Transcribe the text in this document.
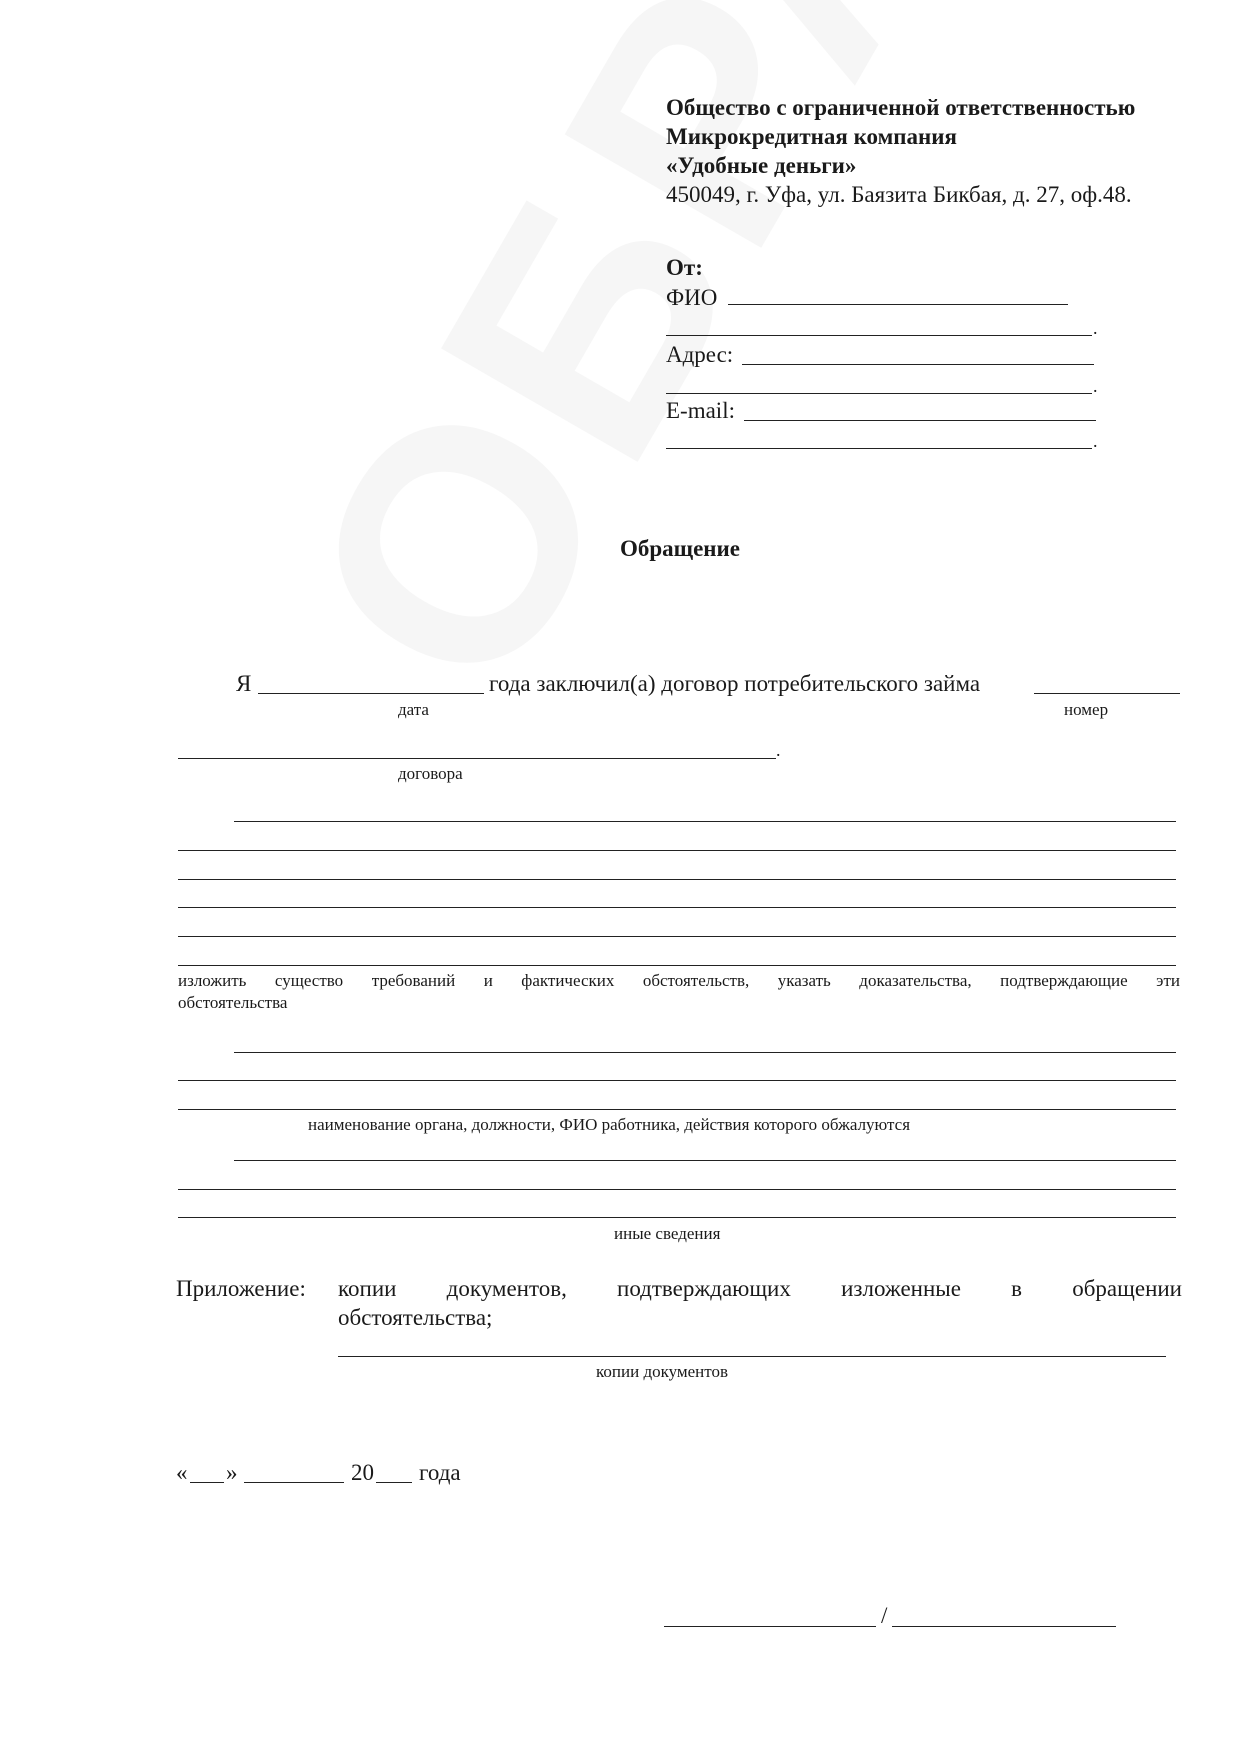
Общество с ограниченной ответственностью
Микрокредитная компания
«Удобные деньги»
450049, г. Уфа, ул. Баязита Бикбая, д. 27, оф.48.
От:
ФИО
.
Адрес:
.
E-mail:
.
Обращение
Я	года заключил(а) договор потребительского займа
дата	номер
.
договора
изложить существо требований и фактических обстоятельств, указать доказательства, подтверждающие эти
обстоятельства
наименование органа, должности, ФИО работника, действия которого обжалуются
иные сведения
Приложение: копии документов, подтверждающих изложенные в обращении
обстоятельства;
копии документов
« »	20 года
/
